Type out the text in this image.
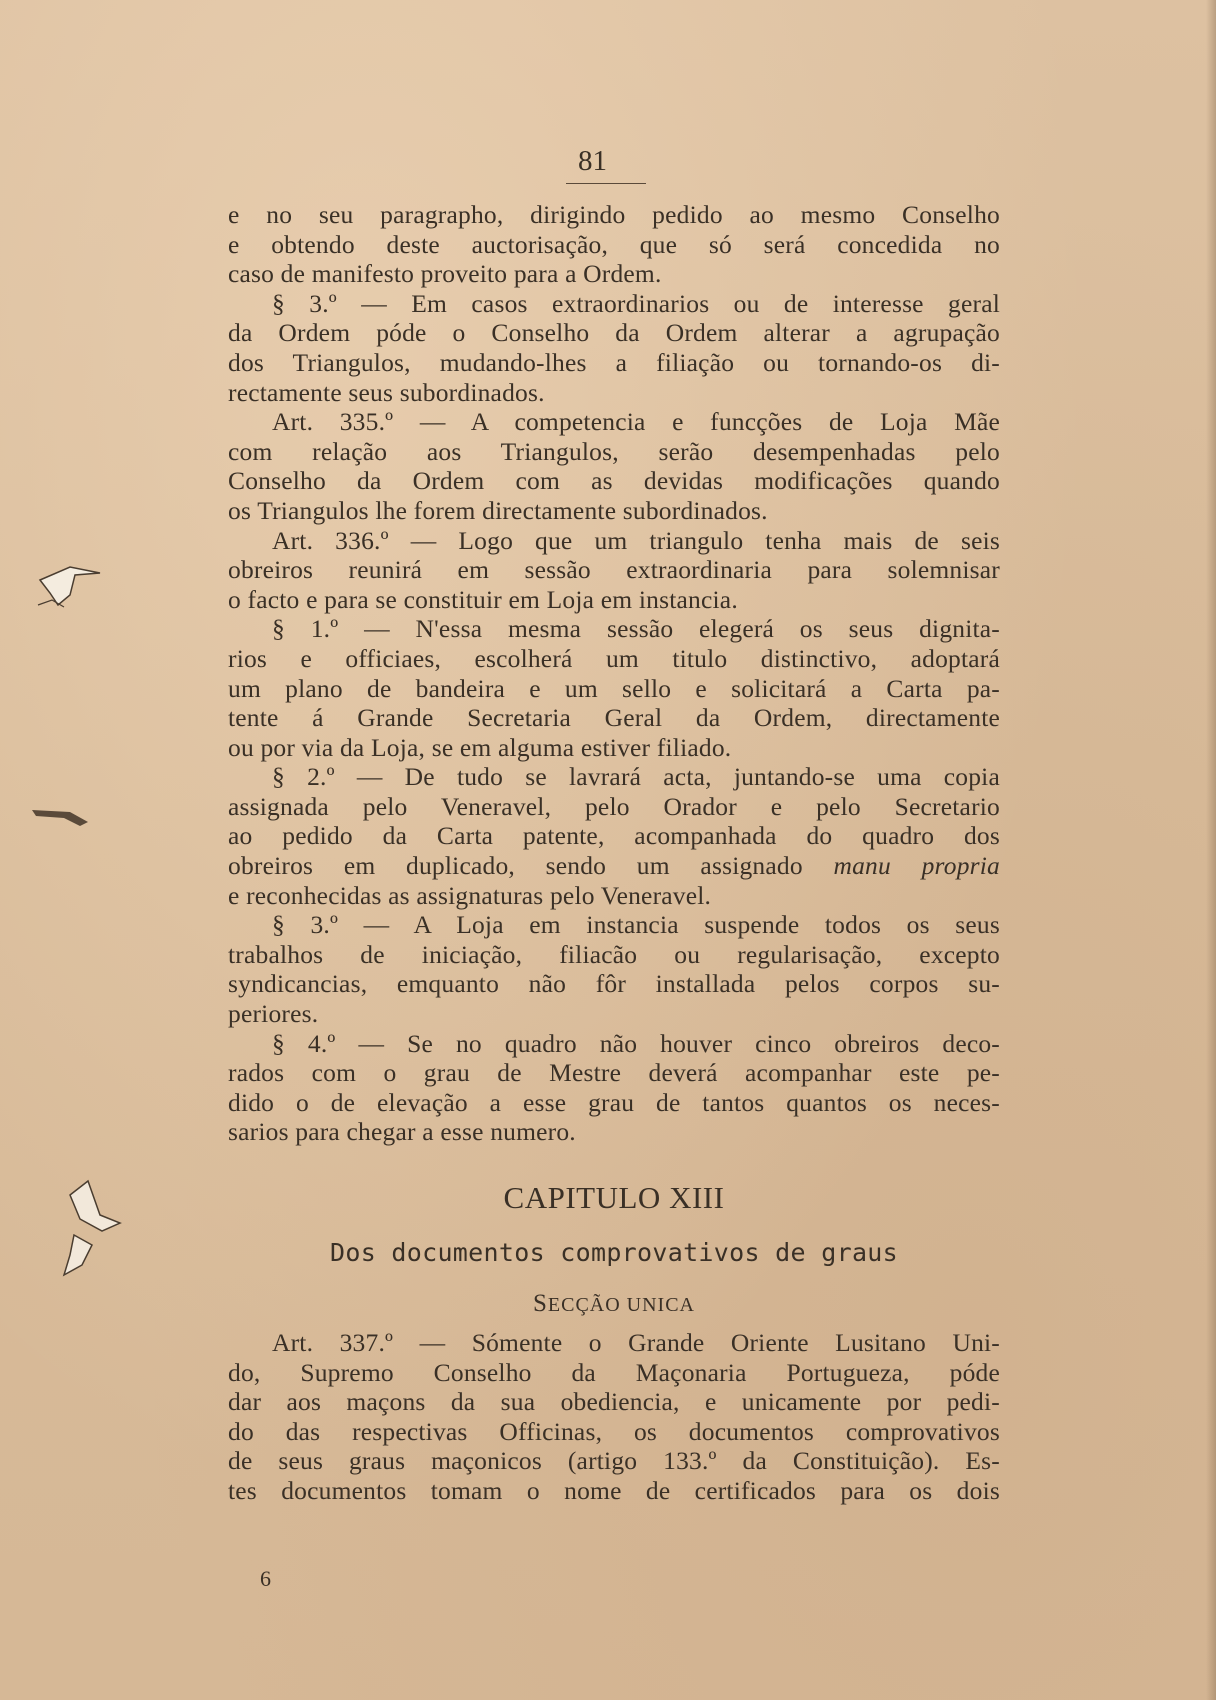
81
e no seu paragrapho, dirigindo pedido ao mesmo Conselho
e obtendo deste auctorisação, que só será concedida no
caso de manifesto proveito para a Ordem.
§ 3.º — Em casos extraordinarios ou de interesse geral
da Ordem póde o Conselho da Ordem alterar a agrupação
dos Triangulos, mudando-lhes a filiação ou tornando-os di-
rectamente seus subordinados.
Art. 335.º — A competencia e funcções de Loja Mãe
com relação aos Triangulos, serão desempenhadas pelo
Conselho da Ordem com as devidas modificações quando
os Triangulos lhe forem directamente subordinados.
Art. 336.º — Logo que um triangulo tenha mais de seis
obreiros reunirá em sessão extraordinaria para solemnisar
o facto e para se constituir em Loja em instancia.
§ 1.º — N'essa mesma sessão elegerá os seus dignita-
rios e officiaes, escolherá um titulo distinctivo, adoptará
um plano de bandeira e um sello e solicitará a Carta pa-
tente á Grande Secretaria Geral da Ordem, directamente
ou por via da Loja, se em alguma estiver filiado.
§ 2.º — De tudo se lavrará acta, juntando-se uma copia
assignada pelo Veneravel, pelo Orador e pelo Secretario
ao pedido da Carta patente, acompanhada do quadro dos
obreiros em duplicado, sendo um assignado manu propria
e reconhecidas as assignaturas pelo Veneravel.
§ 3.º — A Loja em instancia suspende todos os seus
trabalhos de iniciação, filiacão ou regularisação, excepto
syndicancias, emquanto não fôr installada pelos corpos su-
periores.
§ 4.º — Se no quadro não houver cinco obreiros deco-
rados com o grau de Mestre deverá acompanhar este pe-
dido o de elevação a esse grau de tantos quantos os neces-
sarios para chegar a esse numero.
CAPITULO XIII
Dos documentos comprovativos de graus
SECÇÃO UNICA
Art. 337.º — Sómente o Grande Oriente Lusitano Uni-
do, Supremo Conselho da Maçonaria Portugueza, póde
dar aos maçons da sua obediencia, e unicamente por pedi-
do das respectivas Officinas, os documentos comprovativos
de seus graus maçonicos (artigo 133.º da Constituição). Es-
tes documentos tomam o nome de certificados para os dois
6
